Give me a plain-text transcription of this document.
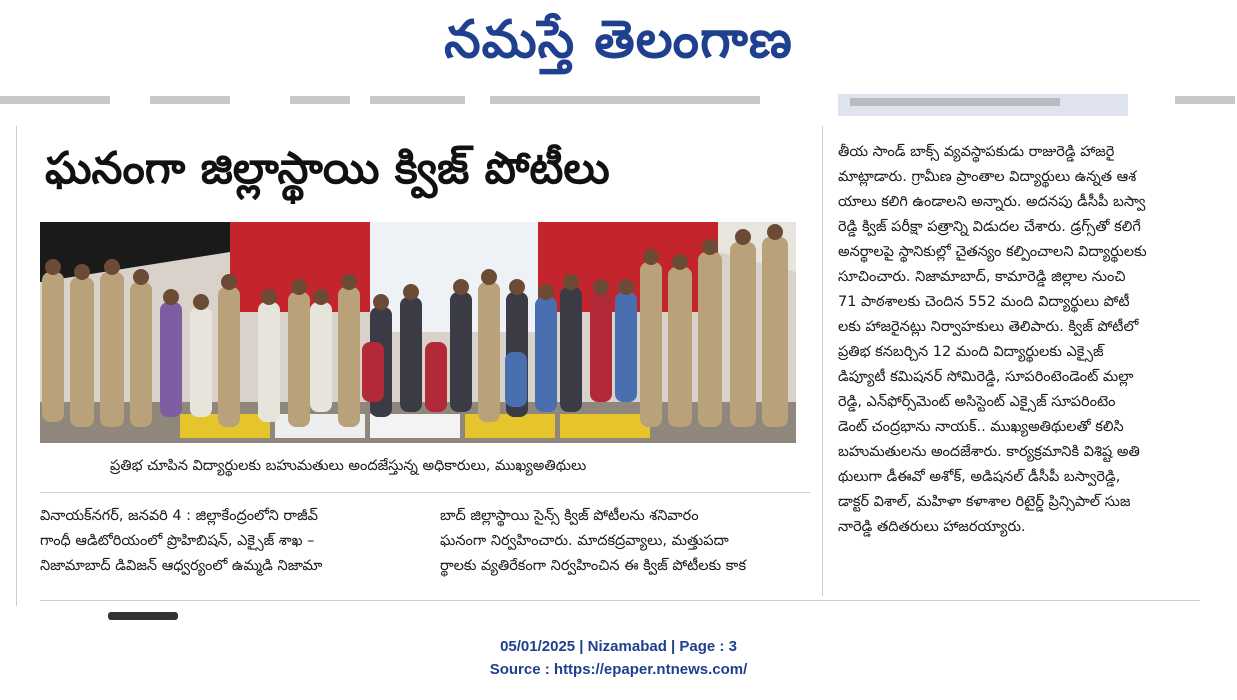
నమస్తే తెలంగాణ
ఘనంగా జిల్లాస్థాయి క్విజ్ పోటీలు
ప్రతిభ చూపిన విద్యార్థులకు బహుమతులు అందజేస్తున్న అధికారులు, ముఖ్యఅతిథులు
తీయ సాండ్ బాక్స్ వ్యవస్థాపకుడు రాజురెడ్డి హాజరై
మాట్లాడారు. గ్రామీణ ప్రాంతాల విద్యార్థులు ఉన్నత ఆశ
యాలు కలిగి ఉండాలని అన్నారు. అదనపు డీసీపీ బస్వా
రెడ్డి క్విజ్ పరీక్షా పత్రాన్ని విడుదల చేశారు. డ్రగ్స్‌తో కలిగే
అనర్థాలపై స్థానికుల్లో చైతన్యం కల్పించాలని విద్యార్థులకు
సూచించారు. నిజామాబాద్, కామారెడ్డి జిల్లాల నుంచి
71 పాఠశాలకు చెందిన 552 మంది విద్యార్థులు పోటీ
లకు హాజరైనట్లు నిర్వాహకులు తెలిపారు. క్విజ్ పోటీలో
ప్రతిభ కనబర్చిన 12 మంది విద్యార్థులకు ఎక్సైజ్
డిప్యూటీ కమిషనర్ సోమిరెడ్డి, సూపరింటెండెంట్ మల్లా
రెడ్డి, ఎన్‌ఫోర్స్‌మెంట్ అసిస్టెంట్ ఎక్సైజ్ సూపరింటెం
డెంట్ చంద్రభాను నాయక్.. ముఖ్యఅతిథులతో కలిసి
బహుమతులను అందజేశారు. కార్యక్రమానికి విశిష్ట అతి
థులుగా డీఈవో అశోక్, అడిషనల్ డీసీపీ బస్వారెడ్డి,
డాక్టర్ విశాల్, మహిళా కళాశాల రిటైర్డ్ ప్రిన్సిపాల్ సుజ
నారెడ్డి తదితరులు హాజరయ్యారు.
వినాయక్‌నగర్, జనవరి 4 : జిల్లాకేంద్రంలోని రాజీవ్
గాంధీ ఆడిటోరియంలో ప్రొహిబిషన్, ఎక్సైజ్ శాఖ –
నిజామాబాద్ డివిజన్ ఆధ్వర్యంలో ఉమ్మడి నిజామా
బాద్ జిల్లాస్థాయి సైన్స్ క్విజ్ పోటీలను శనివారం
ఘనంగా నిర్వహించారు. మాదకద్రవ్యాలు, మత్తుపదా
ర్థాలకు వ్యతిరేకంగా నిర్వహించిన ఈ క్విజ్ పోటీలకు కాక
05/01/2025 | Nizamabad | Page : 3
Source : https://epaper.ntnews.com/
